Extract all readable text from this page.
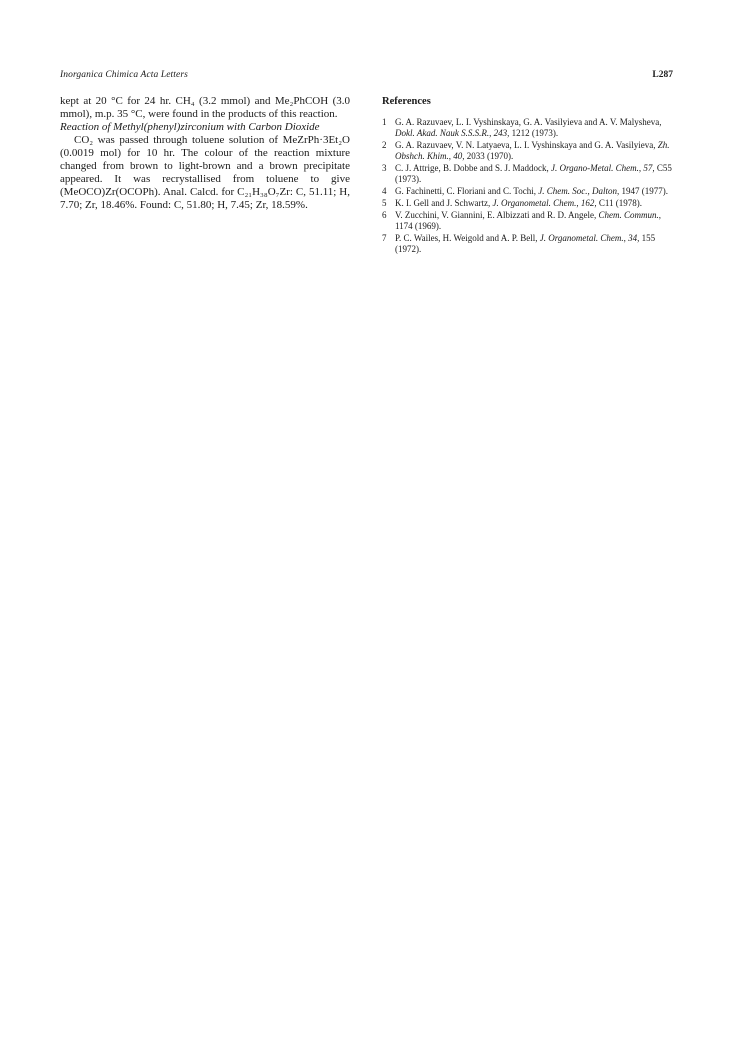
Inorganica Chimica Acta Letters	L287

kept at 20 °C for 24 hr. CH₄ (3.2 mmol) and Me₂PhCOH (3.0 mmol), m.p. 35 °C, were found in the products of this reaction.

Reaction of Methyl(phenyl)zirconium with Carbon Dioxide

CO₂ was passed through toluene solution of MeZrPh·3Et₂O (0.0019 mol) for 10 hr. The colour of the reaction mixture changed from brown to light-brown and a brown precipitate appeared. It was recrystallised from toluene to give (MeOCO)Zr(OCOPh). Anal. Calcd. for C₂₁H₃₈O₇Zr: C, 51.11; H, 7.70; Zr, 18.46%. Found: C, 51.80; H, 7.45; Zr, 18.59%.

References
1 G. A. Razuvaev, L. I. Vyshinskaya, G. A. Vasilyieva and A. V. Malysheva, Dokl. Akad. Nauk S.S.S.R., 243, 1212 (1973).
2 G. A. Razuvaev, V. N. Latyaeva, L. I. Vyshinskaya and G. A. Vasilyieva, Zh. Obshch. Khim., 40, 2033 (1970).
3 C. J. Attrige, B. Dobbe and S. J. Maddock, J. Organo-Metal. Chem., 57, C55 (1973).
4 G. Fachinetti, C. Floriani and C. Tochi, J. Chem. Soc., Dalton, 1947 (1977).
5 K. I. Gell and J. Schwartz, J. Organometal. Chem., 162, C11 (1978).
6 V. Zucchini, V. Giannini, E. Albizzati and R. D. Angele, Chem. Commun., 1174 (1969).
7 P. C. Wailes, H. Weigold and A. P. Bell, J. Organometal. Chem., 34, 155 (1972).
